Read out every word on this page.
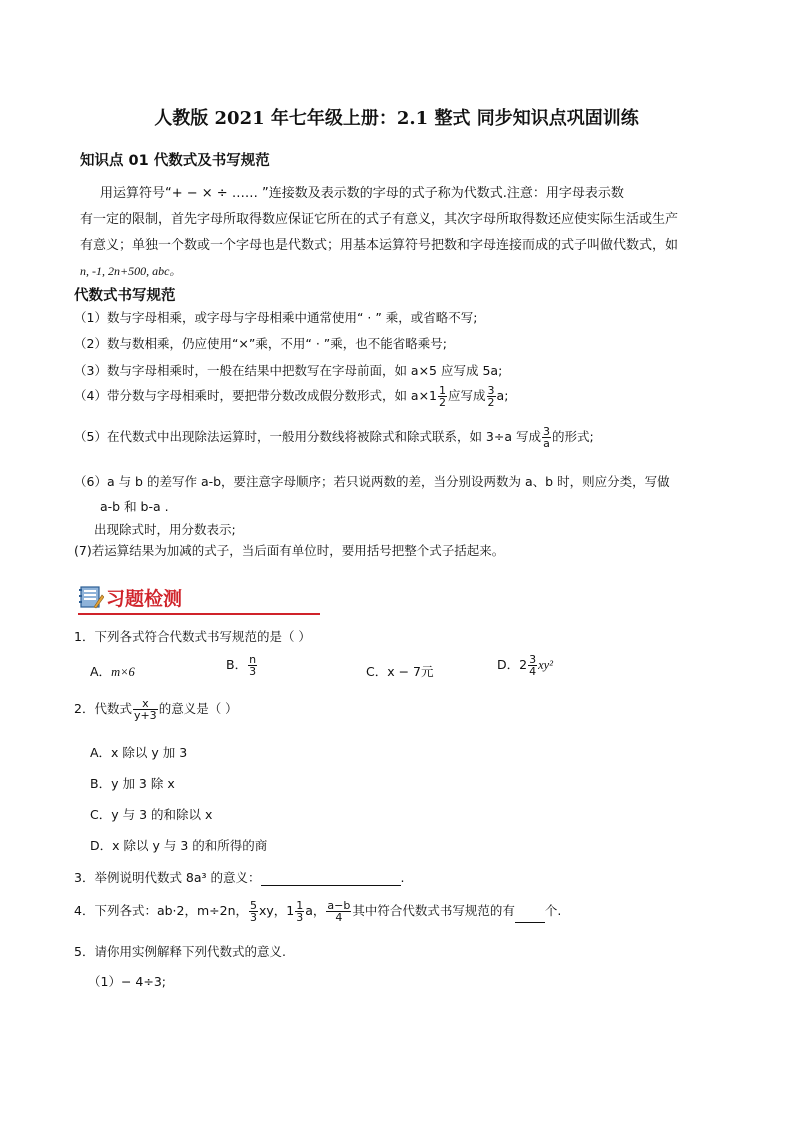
人教版 2021 年七年级上册：2.1 整式 同步知识点巩固训练
知识点 01 代数式及书写规范
用运算符号“+ − × ÷ …… ”连接数及表示数的字母的式子称为代数式.注意：用字母表示数
有一定的限制，首先字母所取得数应保证它所在的式子有意义，其次字母所取得数还应使实际生活或生产
有意义；单独一个数或一个字母也是代数式；用基本运算符号把数和字母连接而成的式子叫做代数式，如
n, -1, 2n+500, abc。
代数式书写规范
（1）数与字母相乘，或字母与字母相乘中通常使用“ · ” 乘，或省略不写;
（2）数与数相乘，仍应使用“×”乘，不用“ · ”乘，也不能省略乘号;
（3）数与字母相乘时，一般在结果中把数写在字母前面，如 a×5 应写成 5a;
（4）带分数与字母相乘时，要把带分数改成假分数形式，如 $a\times 1 \frac{1}{2}$ 应写成 $\frac{3}{2} a$;
（5）在代数式中出现除法运算时，一般用分数线将被除式和除式联系，如 3÷a 写成 $\frac{3}{a}$ 的形式;
（6）a 与 b 的差写作 a-b，要注意字母顺序；若只说两数的差，当分别设两数为 a、b 时，则应分类，写做
a-b 和 b-a .
出现除式时，用分数表示;
(7)若运算结果为加减的式子，当后面有单位时，要用括号把整个式子括起来。
习题检测
1．下列各式符合代数式书写规范的是（ ）
A．m×6	B． $\frac{n}{3}$	C．x − 7元	D．$2 \frac{3}{4} xy^2$
2．代数式 $\frac{x}{y+3}$ 的意义是（ ）
A．x 除以 y 加 3
B．y 加 3 除 x
C．y 与 3 的和除以 x
D．x 除以 y 与 3 的和所得的商
3．举例说明代数式 8a³ 的意义：	.
4．下列各式：ab·2，m÷2n， $\frac{5}{3}$ xy，$1 \frac{1}{3}$ a， $\frac{a-b}{4}$ 其中符合代数式书写规范的有 个.
5．请你用实例解释下列代数式的意义.
（1）− 4÷3;
